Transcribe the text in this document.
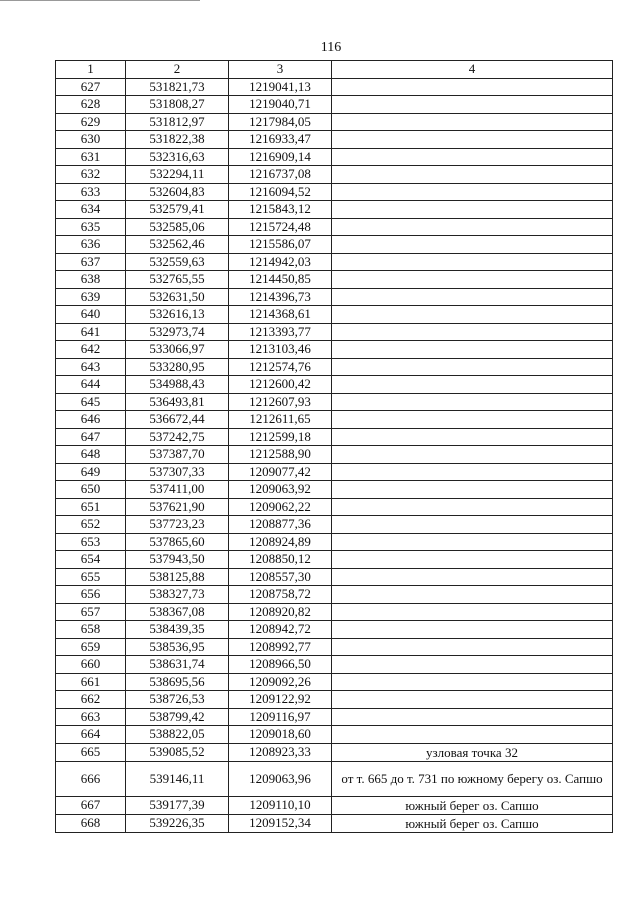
116
1	2	3	4
627	531821,73	1219041,13	
628	531808,27	1219040,71	
629	531812,97	1217984,05	
630	531822,38	1216933,47	
631	532316,63	1216909,14	
632	532294,11	1216737,08	
633	532604,83	1216094,52	
634	532579,41	1215843,12	
635	532585,06	1215724,48	
636	532562,46	1215586,07	
637	532559,63	1214942,03	
638	532765,55	1214450,85	
639	532631,50	1214396,73	
640	532616,13	1214368,61	
641	532973,74	1213393,77	
642	533066,97	1213103,46	
643	533280,95	1212574,76	
644	534988,43	1212600,42	
645	536493,81	1212607,93	
646	536672,44	1212611,65	
647	537242,75	1212599,18	
648	537387,70	1212588,90	
649	537307,33	1209077,42	
650	537411,00	1209063,92	
651	537621,90	1209062,22	
652	537723,23	1208877,36	
653	537865,60	1208924,89	
654	537943,50	1208850,12	
655	538125,88	1208557,30	
656	538327,73	1208758,72	
657	538367,08	1208920,82	
658	538439,35	1208942,72	
659	538536,95	1208992,77	
660	538631,74	1208966,50	
661	538695,56	1209092,26	
662	538726,53	1209122,92	
663	538799,42	1209116,97	
664	538822,05	1209018,60	
665	539085,52	1208923,33	узловая точка 32
666	539146,11	1209063,96	от т. 665 до т. 731 по южному берегу оз. Сапшо
667	539177,39	1209110,10	южный берег оз. Сапшо
668	539226,35	1209152,34	южный берег оз. Сапшо
